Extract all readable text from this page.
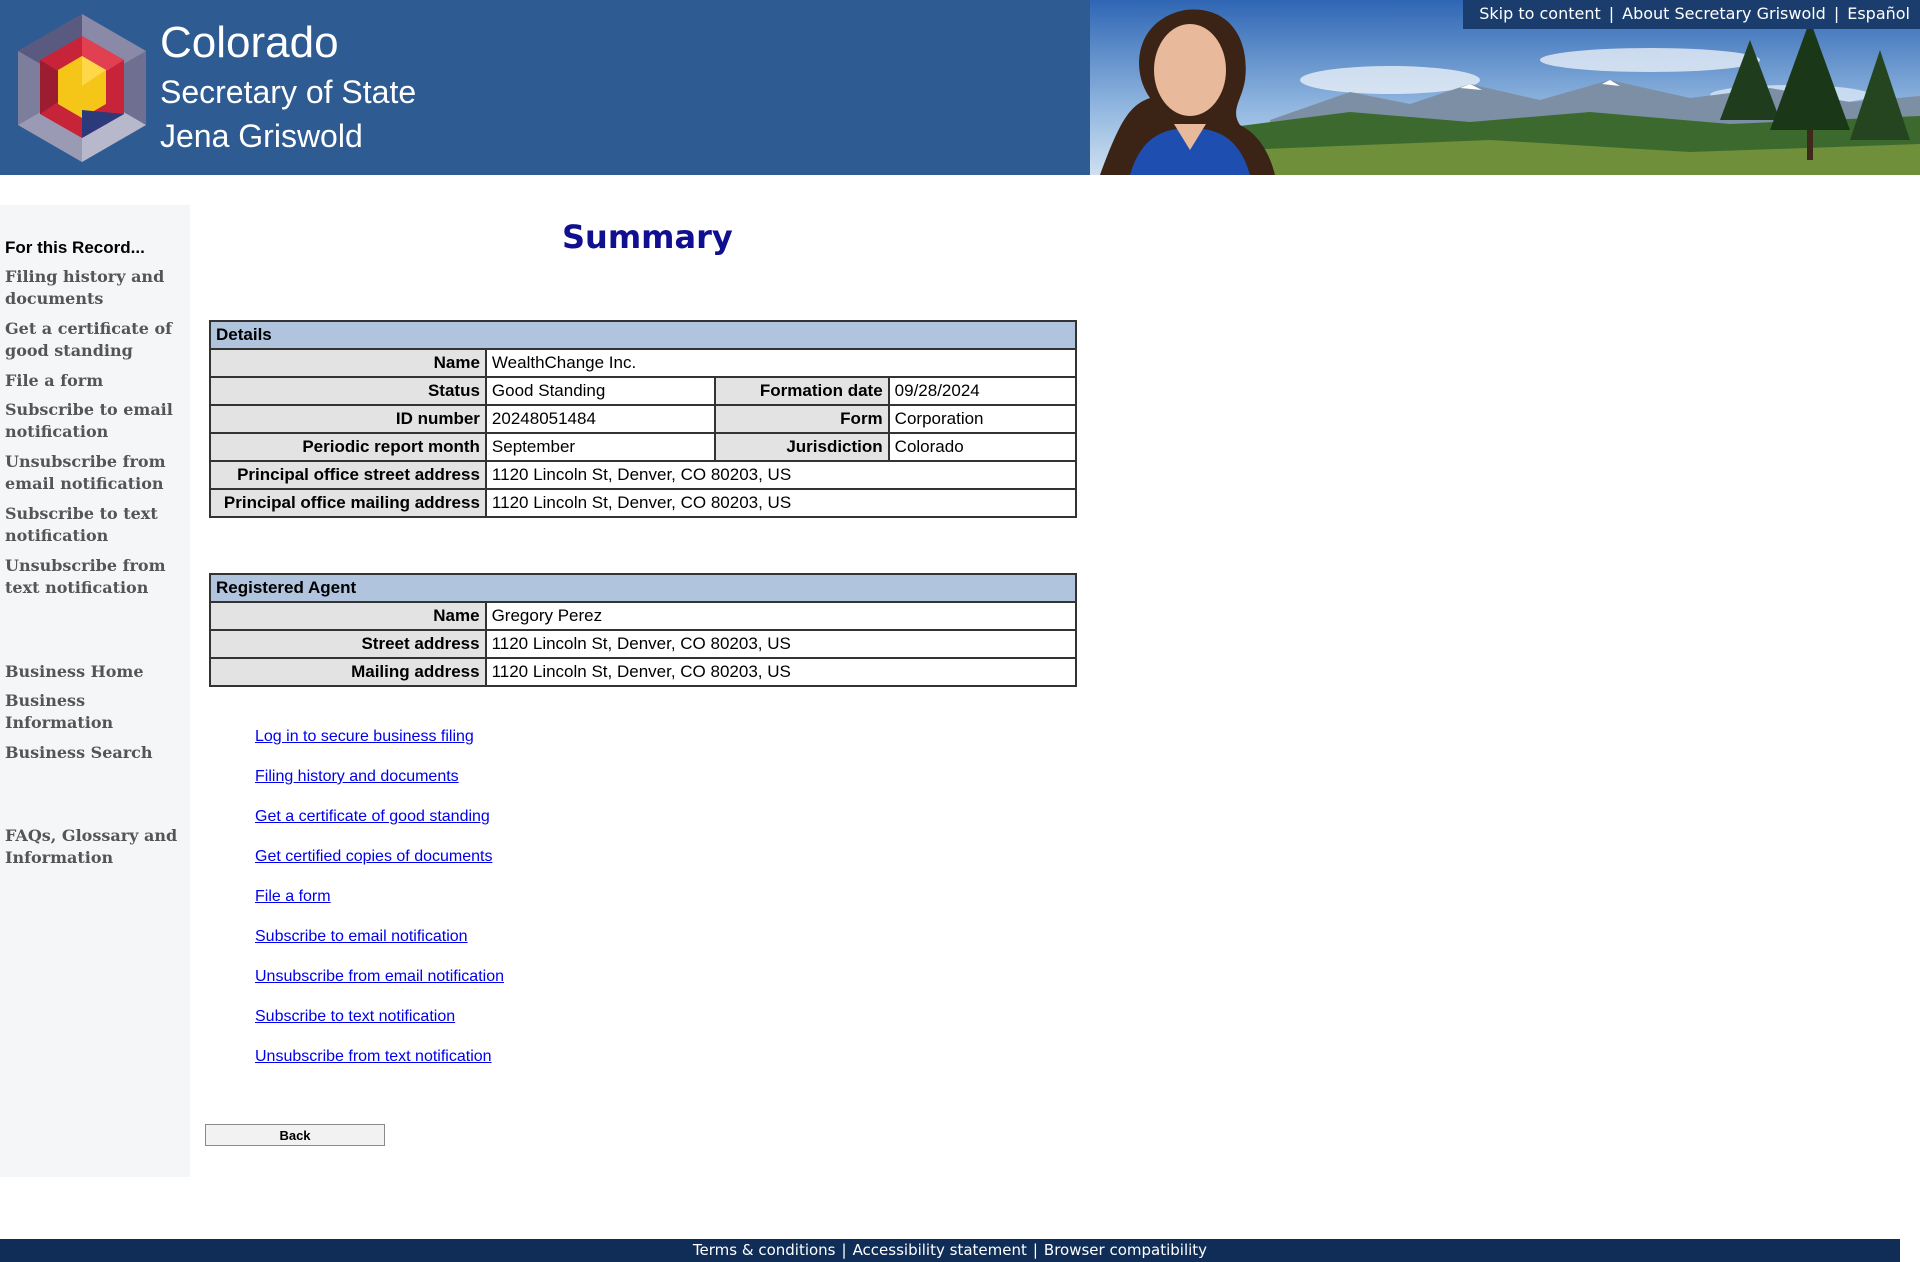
Colorado
Secretary of State
Jena Griswold
Skip to content | About Secretary Griswold | Español
For this Record...
Filing history and documents
Get a certificate of good standing
File a form
Subscribe to email notification
Unsubscribe from email notification
Subscribe to text notification
Unsubscribe from text notification
Business Home
Business Information
Business Search
FAQs, Glossary and Information
Summary
Details			
Name	WealthChange Inc.		
Status	Good Standing	Formation date	09/28/2024
ID number	20248051484	Form	Corporation
Periodic report month	September	Jurisdiction	Colorado
Principal office street address	1120 Lincoln St, Denver, CO 80203, US		
Principal office mailing address	1120 Lincoln St, Denver, CO 80203, US		
Registered Agent	
Name	Gregory Perez
Street address	1120 Lincoln St, Denver, CO 80203, US
Mailing address	1120 Lincoln St, Denver, CO 80203, US
Log in to secure business filing
Filing history and documents
Get a certificate of good standing
Get certified copies of documents
File a form
Subscribe to email notification
Unsubscribe from email notification
Subscribe to text notification
Unsubscribe from text notification
Back
Terms & conditions | Accessibility statement | Browser compatibility
